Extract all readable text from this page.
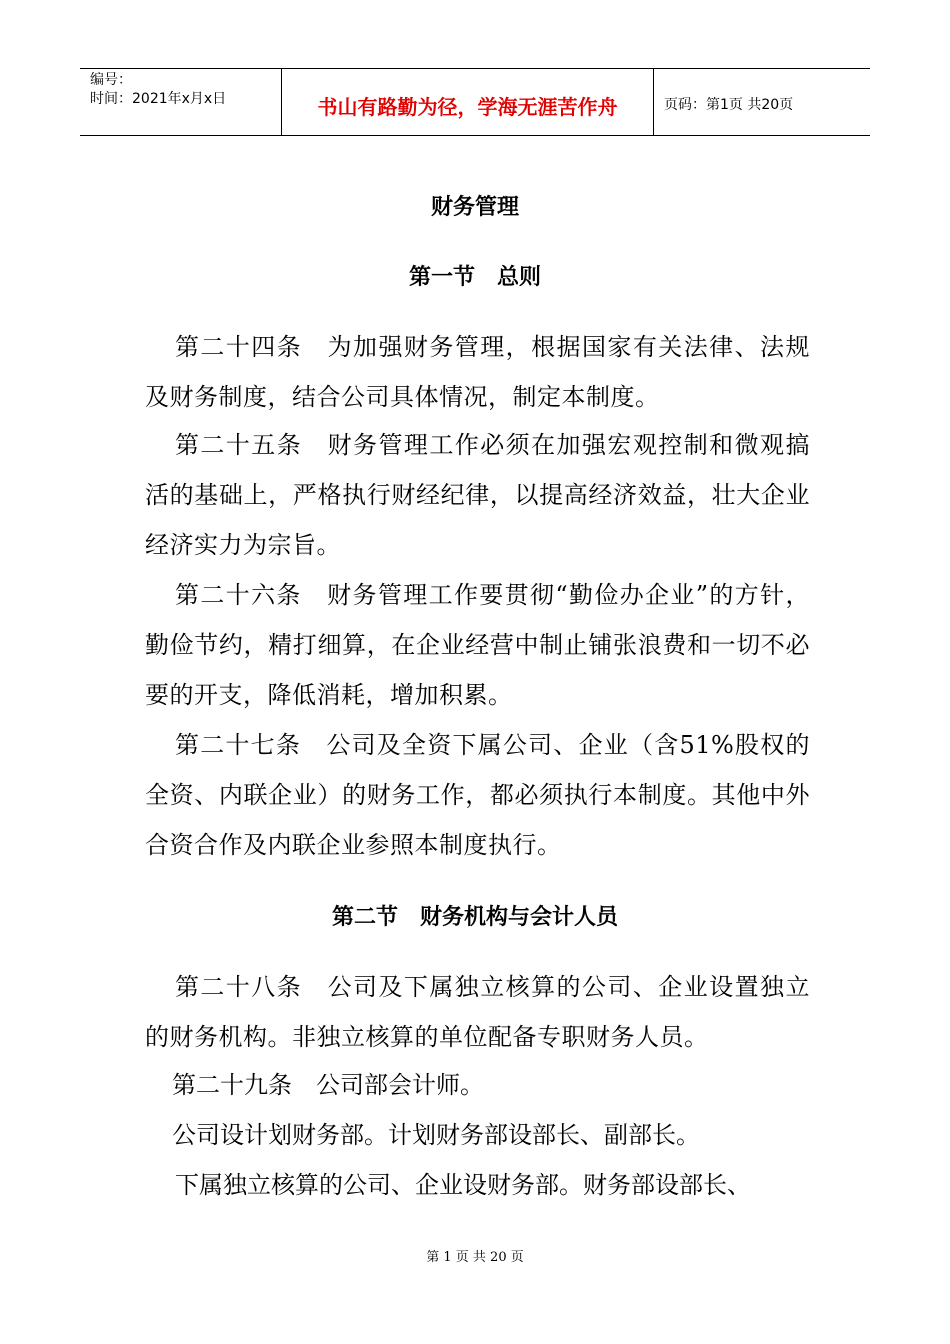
编号：
时间：2021年x月x日	书山有路勤为径，学海无涯苦作舟	页码：第1页 共20页
财务管理
第一节　总则
第二十四条　为加强财务管理，根据国家有关法律、法规及财务制度，结合公司具体情况，制定本制度。
第二十五条　财务管理工作必须在加强宏观控制和微观搞活的基础上，严格执行财经纪律，以提高经济效益，壮大企业经济实力为宗旨。
第二十六条　财务管理工作要贯彻“勤俭办企业”的方针，勤俭节约，精打细算，在企业经营中制止铺张浪费和一切不必要的开支，降低消耗，增加积累。
第二十七条　公司及全资下属公司、企业（含51%股权的全资、内联企业）的财务工作，都必须执行本制度。其他中外合资合作及内联企业参照本制度执行。
第二节　财务机构与会计人员
第二十八条　公司及下属独立核算的公司、企业设置独立的财务机构。非独立核算的单位配备专职财务人员。
第二十九条　公司部会计师。
公司设计划财务部。计划财务部设部长、副部长。
下属独立核算的公司、企业设财务部。财务部设部长、
第 1 页 共 20 页
